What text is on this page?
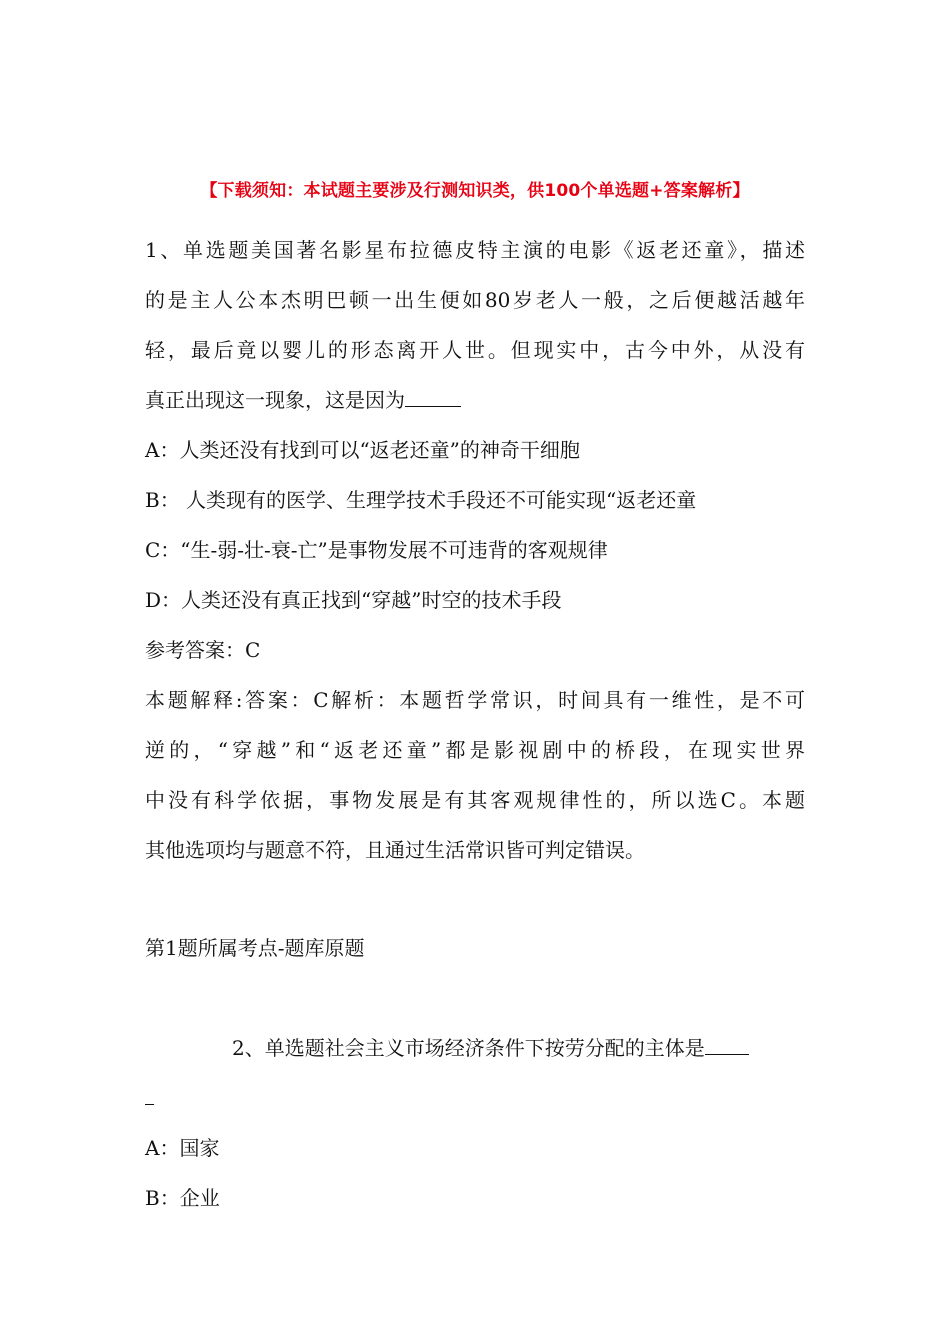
【下载须知：本试题主要涉及行测知识类，供100个单选题+答案解析】
1、单选题美国著名影星布拉德皮特主演的电影《返老还童》，描述
的是主人公本杰明巴顿一出生便如80岁老人一般，之后便越活越年
轻，最后竟以婴儿的形态离开人世。但现实中，古今中外，从没有
真正出现这一现象，这是因为
A：人类还没有找到可以“返老还童”的神奇干细胞
B： 人类现有的医学、生理学技术手段还不可能实现“返老还童
C：“生-弱-壮-衰-亡”是事物发展不可违背的客观规律
D：人类还没有真正找到“穿越”时空的技术手段
参考答案：C
本题解释:答案：C解析：本题哲学常识，时间具有一维性，是不可
逆的，“穿越”和“返老还童”都是影视剧中的桥段，在现实世界
中没有科学依据，事物发展是有其客观规律性的，所以选C。本题
其他选项均与题意不符，且通过生活常识皆可判定错误。
第1题所属考点-题库原题
2、单选题社会主义市场经济条件下按劳分配的主体是
A：国家
B：企业
